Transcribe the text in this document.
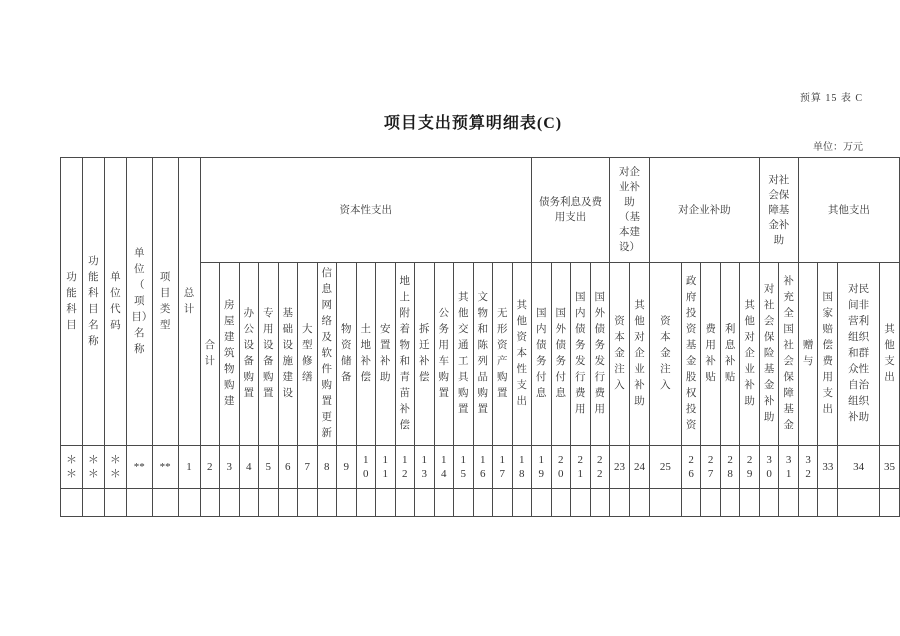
预算 15 表 C
项目支出预算明细表(C)
单位：万元
功能科目	功能科目名称	单位代码	单位（项目）名称	项目类型	总计	资本性支出																	债务利息及费用支出				对企业补助（基本建设）		对企业补助					对社会保障基金补助		其他支出			
						合计	房屋建筑物购建	办公设备购置	专用设备购置	基础设施建设	大型修缮	信息网络及软件购置更新	物资储备	土地补偿	安置补助	地上附着物和青苗补偿	拆迁补偿	公务用车购置	其他交通工具购置	文物和陈列品购置	无形资产购置	其他资本性支出	国内债务付息	国外债务付息	国内债务发行费用	国外债务发行费用	资本金注入	其他对企业补助	资本金注入	政府投资基金股权投资	费用补贴	利息补贴	其他对企业补助	对社会保险基金补助	补充全国社会保障基金	赠与	国家赔偿费用支出	对民间非营利组织和群众性自治组织补助	其他支出
＊＊	＊＊	＊＊	**	**	1	2	3	4	5	6	7	8	9	10	11	12	13	14	15	16	17	18	19	20	21	22	23	24	25	26	27	28	29	30	31	32	33	34	35
